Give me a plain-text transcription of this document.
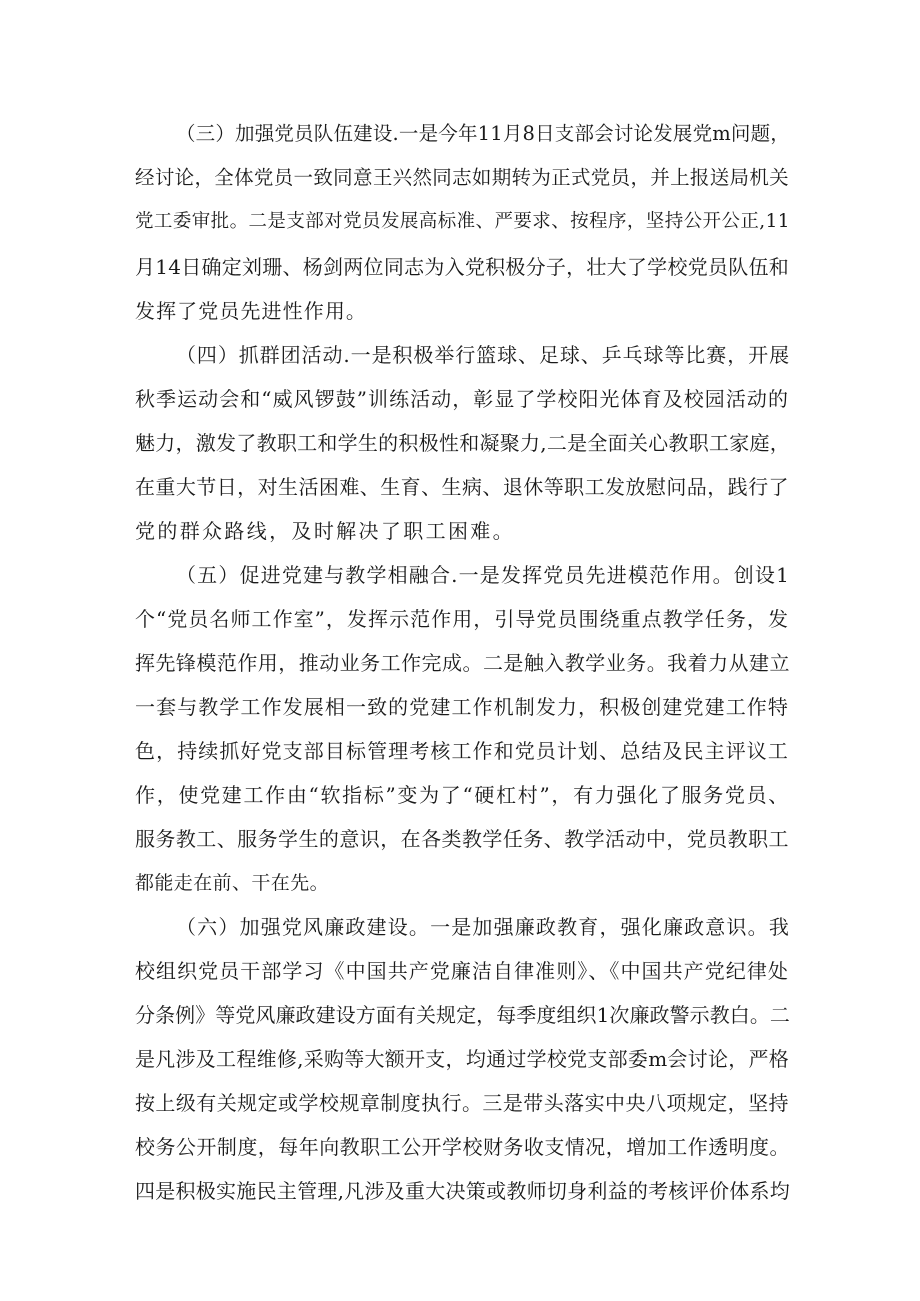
（三）加强党员队伍建设.一是今年11月8日支部会讨论发展党m问题，
经讨论，全体党员一致同意王兴然同志如期转为正式党员，并上报送局机关
党工委审批。二是支部对党员发展高标准、严要求、按程序，坚持公开公正,11
月14日确定刘珊、杨剑两位同志为入党积极分子，壮大了学校党员队伍和
发挥了党员先进性作用。
（四）抓群团活动.一是积极举行篮球、足球、乒乓球等比赛，开展
秋季运动会和“威风锣鼓”训练活动，彰显了学校阳光体育及校园活动的
魅力，激发了教职工和学生的积极性和凝聚力,二是全面关心教职工家庭，
在重大节日，对生活困难、生育、生病、退休等职工发放慰问品，践行了
党的群众路线，及时解决了职工困难。
（五）促进党建与教学相融合.一是发挥党员先进模范作用。创设1
个“党员名师工作室”，发挥示范作用，引导党员围绕重点教学任务，发
挥先锋模范作用，推动业务工作完成。二是触入教学业务。我着力从建立
一套与教学工作发展相一致的党建工作机制发力，积极创建党建工作特
色，持续抓好党支部目标管理考核工作和党员计划、总结及民主评议工
作，使党建工作由“软指标”变为了“硬杠村”，有力强化了服务党员、
服务教工、服务学生的意识，在各类教学任务、教学活动中，党员教职工
都能走在前、干在先。
（六）加强党风廉政建设。一是加强廉政教育，强化廉政意识。我
校组织党员干部学习《中国共产党廉洁自律准则》、《中国共产党纪律处
分条例》等党风廉政建设方面有关规定，每季度组织1次廉政警示教白。二
是凡涉及工程维修,采购等大额开支，均通过学校党支部委m会讨论，严格
按上级有关规定或学校规章制度执行。三是带头落实中央八项规定，坚持
校务公开制度，每年向教职工公开学校财务收支情况，增加工作透明度。
四是积极实施民主管理,凡涉及重大决策或教师切身利益的考核评价体系均
